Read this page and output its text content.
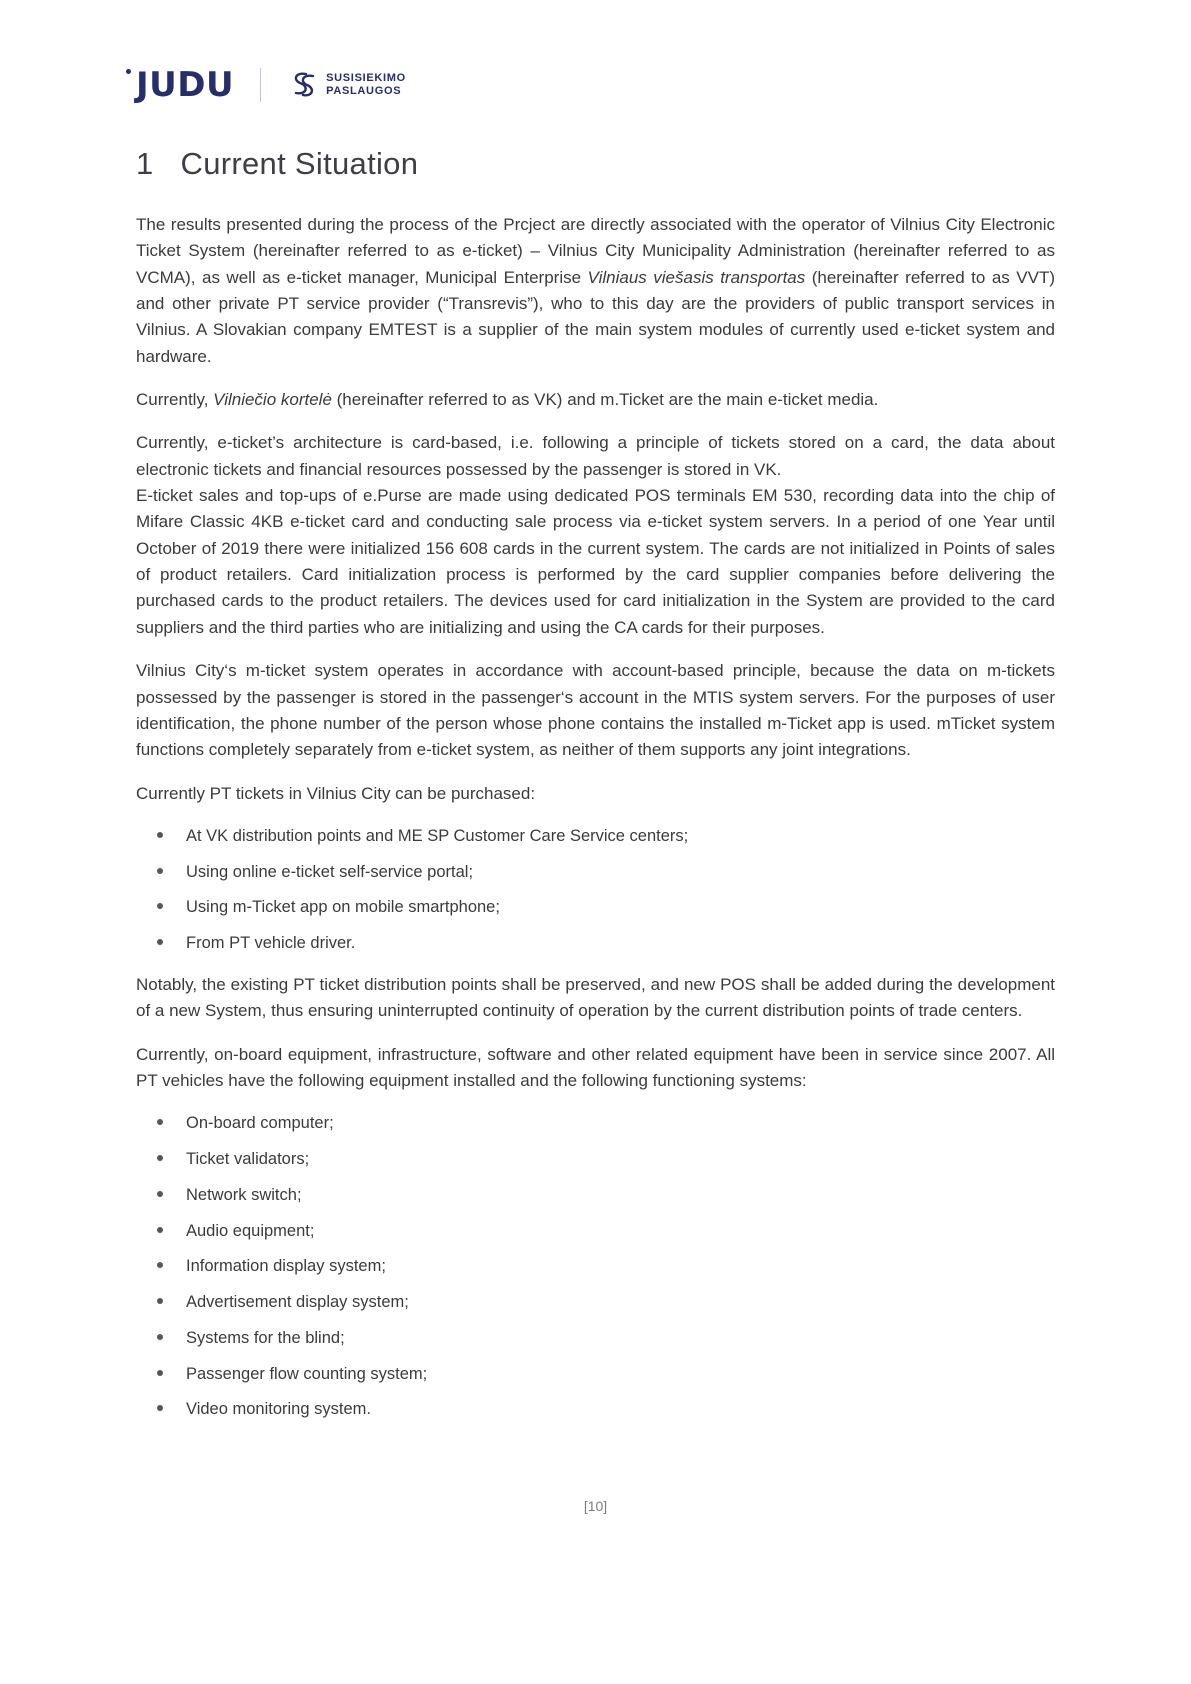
JUDU	SUSISIEKIMO
PASLAUGOS
1 Current Situation

The results presented during the process of the Prcject are directly associated with the operator of Vilnius City Electronic Ticket System (hereinafter referred to as e-ticket) – Vilnius City Municipality Administration (hereinafter referred to as VCMA), as well as e-ticket manager, Municipal Enterprise Vilniaus viešasis transportas (hereinafter referred to as VVT) and other private PT service provider (“Transrevis”), who to this day are the providers of public transport services in Vilnius. A Slovakian company EMTEST is a supplier of the main system modules of currently used e-ticket system and hardware.

Currently, Vilniečio kortelė (hereinafter referred to as VK) and m.Ticket are the main e-ticket media.

Currently, e-ticket’s architecture is card-based, i.e. following a principle of tickets stored on a card, the data about electronic tickets and financial resources possessed by the passenger is stored in VK.

E-ticket sales and top-ups of e.Purse are made using dedicated POS terminals EM 530, recording data into the chip of Mifare Classic 4KB e-ticket card and conducting sale process via e-ticket system servers. In a period of one Year until October of 2019 there were initialized 156 608 cards in the current system. The cards are not initialized in Points of sales of product retailers. Card initialization process is performed by the card supplier companies before delivering the purchased cards to the product retailers. The devices used for card initialization in the System are provided to the card suppliers and the third parties who are initializing and using the CA cards for their purposes.

Vilnius City‘s m-ticket system operates in accordance with account-based principle, because the data on m-tickets possessed by the passenger is stored in the passenger‘s account in the MTIS system servers. For the purposes of user identification, the phone number of the person whose phone contains the installed m-Ticket app is used. mTicket system functions completely separately from e-ticket system, as neither of them supports any joint integrations.

Currently PT tickets in Vilnius City can be purchased:

At VK distribution points and ME SP Customer Care Service centers;
Using online e-ticket self-service portal;
Using m-Ticket app on mobile smartphone;
From PT vehicle driver.

Notably, the existing PT ticket distribution points shall be preserved, and new POS shall be added during the development of a new System, thus ensuring uninterrupted continuity of operation by the current distribution points of trade centers.

Currently, on-board equipment, infrastructure, software and other related equipment have been in service since 2007. All PT vehicles have the following equipment installed and the following functioning systems:

On-board computer;
Ticket validators;
Network switch;
Audio equipment;
Information display system;
Advertisement display system;
Systems for the blind;
Passenger flow counting system;
Video monitoring system.
[10]
